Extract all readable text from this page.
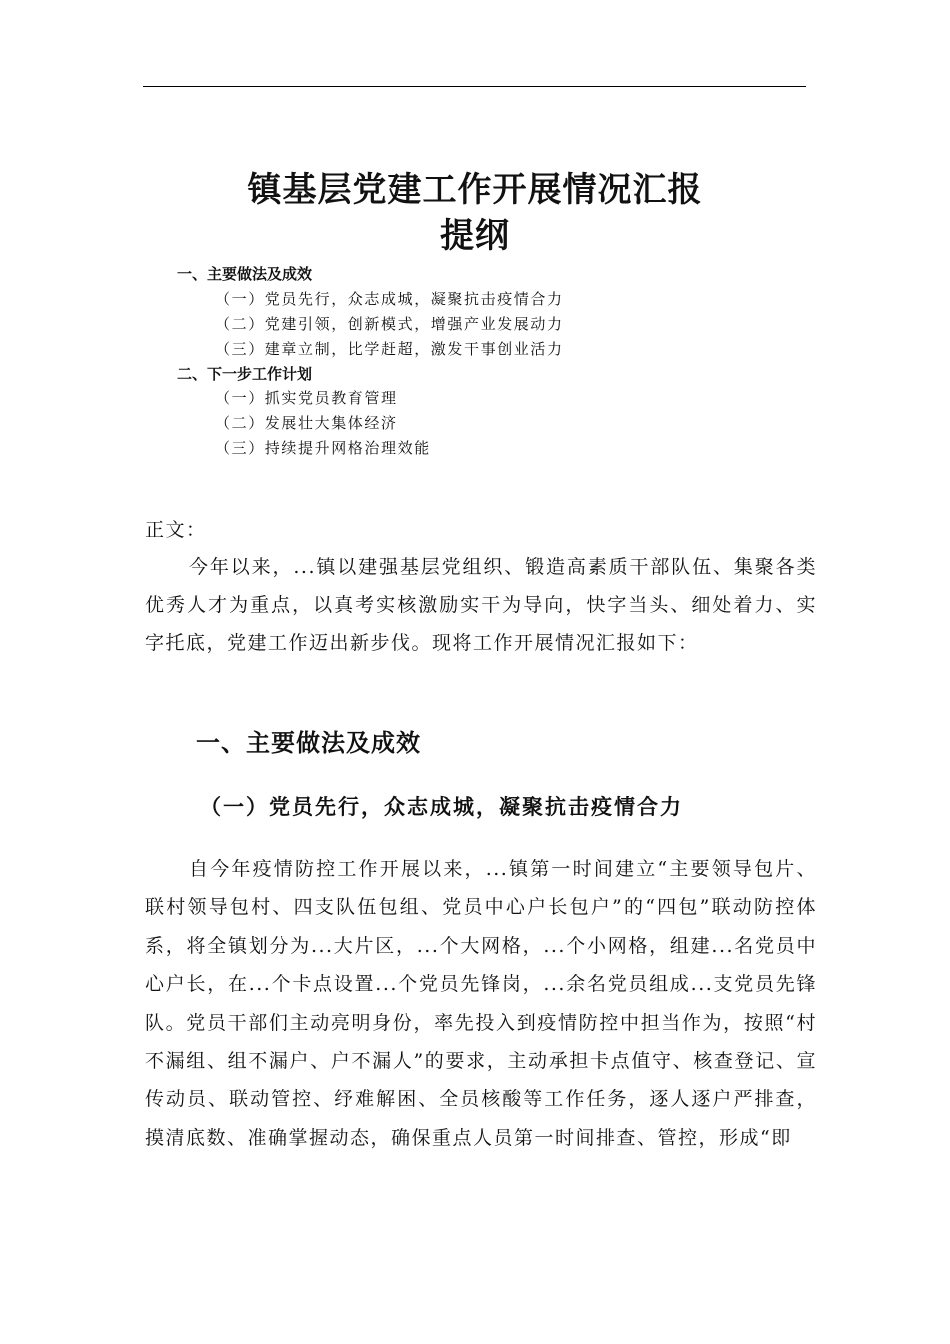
镇基层党建工作开展情况汇报
提纲
一、主要做法及成效
（一）党员先行，众志成城，凝聚抗击疫情合力
（二）党建引领，创新模式，增强产业发展动力
（三）建章立制，比学赶超，激发干事创业活力
二、下一步工作计划
（一）抓实党员教育管理
（二）发展壮大集体经济
（三）持续提升网格治理效能
正文：

今年以来，...镇以建强基层党组织、锻造高素质干部队伍、集聚各类优秀人才为重点，以真考实核激励实干为导向，快字当头、细处着力、实字托底，党建工作迈出新步伐。现将工作开展情况汇报如下：

一、主要做法及成效
（一）党员先行，众志成城，凝聚抗击疫情合力

自今年疫情防控工作开展以来，...镇第一时间建立“主要领导包片、联村领导包村、四支队伍包组、党员中心户长包户”的“四包”联动防控体系，将全镇划分为...大片区，...个大网格，...个小网格，组建...名党员中心户长，在...个卡点设置...个党员先锋岗，...余名党员组成...支党员先锋队。党员干部们主动亮明身份，率先投入到疫情防控中担当作为，按照“村不漏组、组不漏户、户不漏人”的要求，主动承担卡点值守、核查登记、宣传动员、联动管控、纾难解困、全员核酸等工作任务，逐人逐户严排查，摸清底数、准确掌握动态，确保重点人员第一时间排查、管控，形成“即
